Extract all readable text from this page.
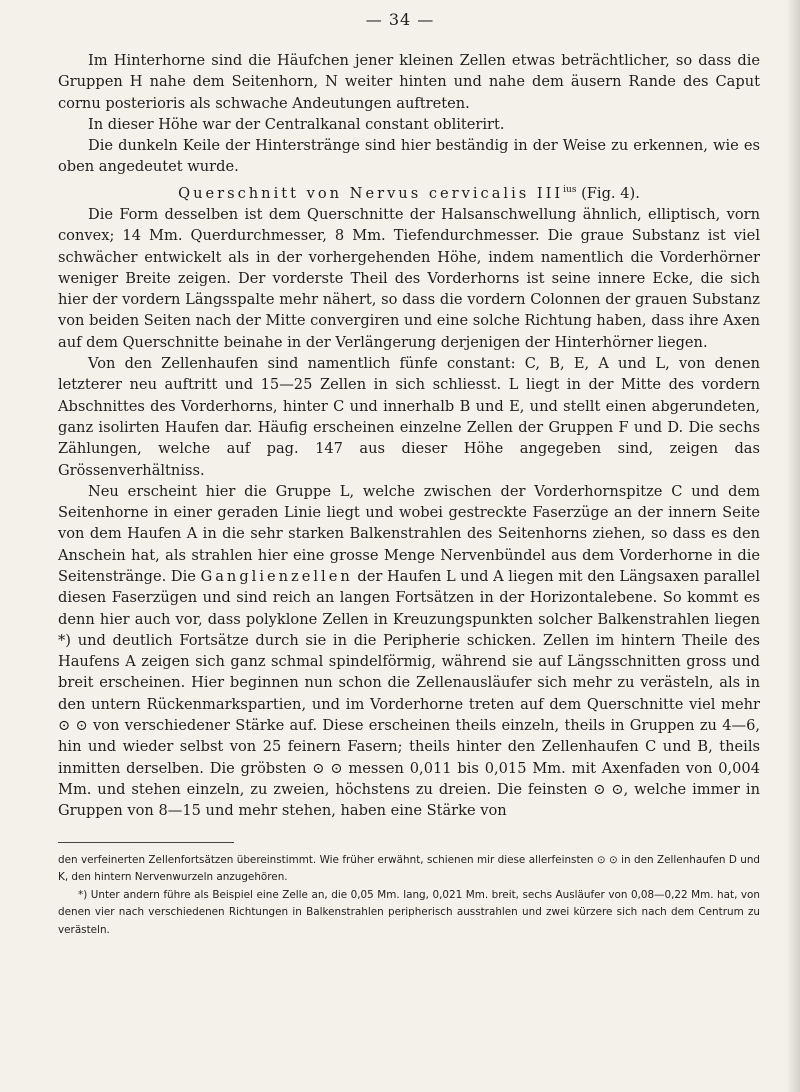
— 34 —

Im Hinterhorne sind die Häufchen jener kleinen Zellen etwas beträchtlicher, so dass die Gruppen H nahe dem Seitenhorn, N weiter hinten und nahe dem äusern Rande des Caput cornu posterioris als schwache Andeutungen auftreten.

In dieser Höhe war der Centralkanal constant obliterirt.

Die dunkeln Keile der Hinterstränge sind hier beständig in der Weise zu erkennen, wie es oben angedeutet wurde.

Querschnitt von Nervus cervicalis $III^{ius}$ (Fig. 4).

Die Form desselben ist dem Querschnitte der Halsanschwellung ähnlich, elliptisch, vorn convex; 14 Mm. Querdurchmesser, 8 Mm. Tiefendurchmesser. Die graue Substanz ist viel schwächer entwickelt als in der vorhergehenden Höhe, indem namentlich die Vorderhörner weniger Breite zeigen. Der vorderste Theil des Vorderhorns ist seine innere Ecke, die sich hier der vordern Längsspalte mehr nähert, so dass die vordern Colonnen der grauen Substanz von beiden Seiten nach der Mitte convergiren und eine solche Richtung haben, dass ihre Axen auf dem Querschnitte beinahe in der Verlängerung derjenigen der Hinterhörner liegen.

Von den Zellenhaufen sind namentlich fünfe constant: C, B, E, A und L, von denen letzterer neu auftritt und 15—25 Zellen in sich schliesst. L liegt in der Mitte des vordern Abschnittes des Vorderhorns, hinter C und innerhalb B und E, und stellt einen abgerundeten, ganz isolirten Haufen dar. Häufig erscheinen einzelne Zellen der Gruppen F und D. Die sechs Zählungen, welche auf pag. 147 aus dieser Höhe angegeben sind, zeigen das Grössenverhältniss.

Neu erscheint hier die Gruppe L, welche zwischen der Vorderhornspitze C und dem Seitenhorne in einer geraden Linie liegt und wobei gestreckte Faserzüge an der innern Seite von dem Haufen A in die sehr starken Balkenstrahlen des Seitenhorns ziehen, so dass es den Anschein hat, als strahlen hier eine grosse Menge Nervenbündel aus dem Vorderhorne in die Seitenstränge. Die Ganglienzellen der Haufen L und A liegen mit den Längsaxen parallel diesen Faserzügen und sind reich an langen Fortsätzen in der Horizontalebene. So kommt es denn hier auch vor, dass polyklone Zellen in Kreuzungspunkten solcher Balkenstrahlen liegen *) und deutlich Fortsätze durch sie in die Peripherie schicken. Zellen im hintern Theile des Haufens A zeigen sich ganz schmal spindelförmig, während sie auf Längsschnitten gross und breit erscheinen. Hier beginnen nun schon die Zellenausläufer sich mehr zu verästeln, als in den untern Rückenmarkspartien, und im Vorderhorne treten auf dem Querschnitte viel mehr ⊙ ⊙ von verschiedener Stärke auf. Diese erscheinen theils einzeln, theils in Gruppen zu 4—6, hin und wieder selbst von 25 feinern Fasern; theils hinter den Zellenhaufen C und B, theils inmitten derselben. Die gröbsten ⊙ ⊙ messen 0,011 bis 0,015 Mm. mit Axenfaden von 0,004 Mm. und stehen einzeln, zu zweien, höchstens zu dreien. Die feinsten ⊙ ⊙, welche immer in Gruppen von 8—15 und mehr stehen, haben eine Stärke von

den verfeinerten Zellenfortsätzen übereinstimmt. Wie früher erwähnt, schienen mir diese allerfeinsten ⊙ ⊙ in den Zellenhaufen D und K, den hintern Nervenwurzeln anzugehören.

*) Unter andern führe als Beispiel eine Zelle an, die 0,05 Mm. lang, 0,021 Mm. breit, sechs Ausläufer von 0,08—0,22 Mm. hat, von denen vier nach verschiedenen Richtungen in Balkenstrahlen peripherisch ausstrahlen und zwei kürzere sich nach dem Centrum zu verästeln.
